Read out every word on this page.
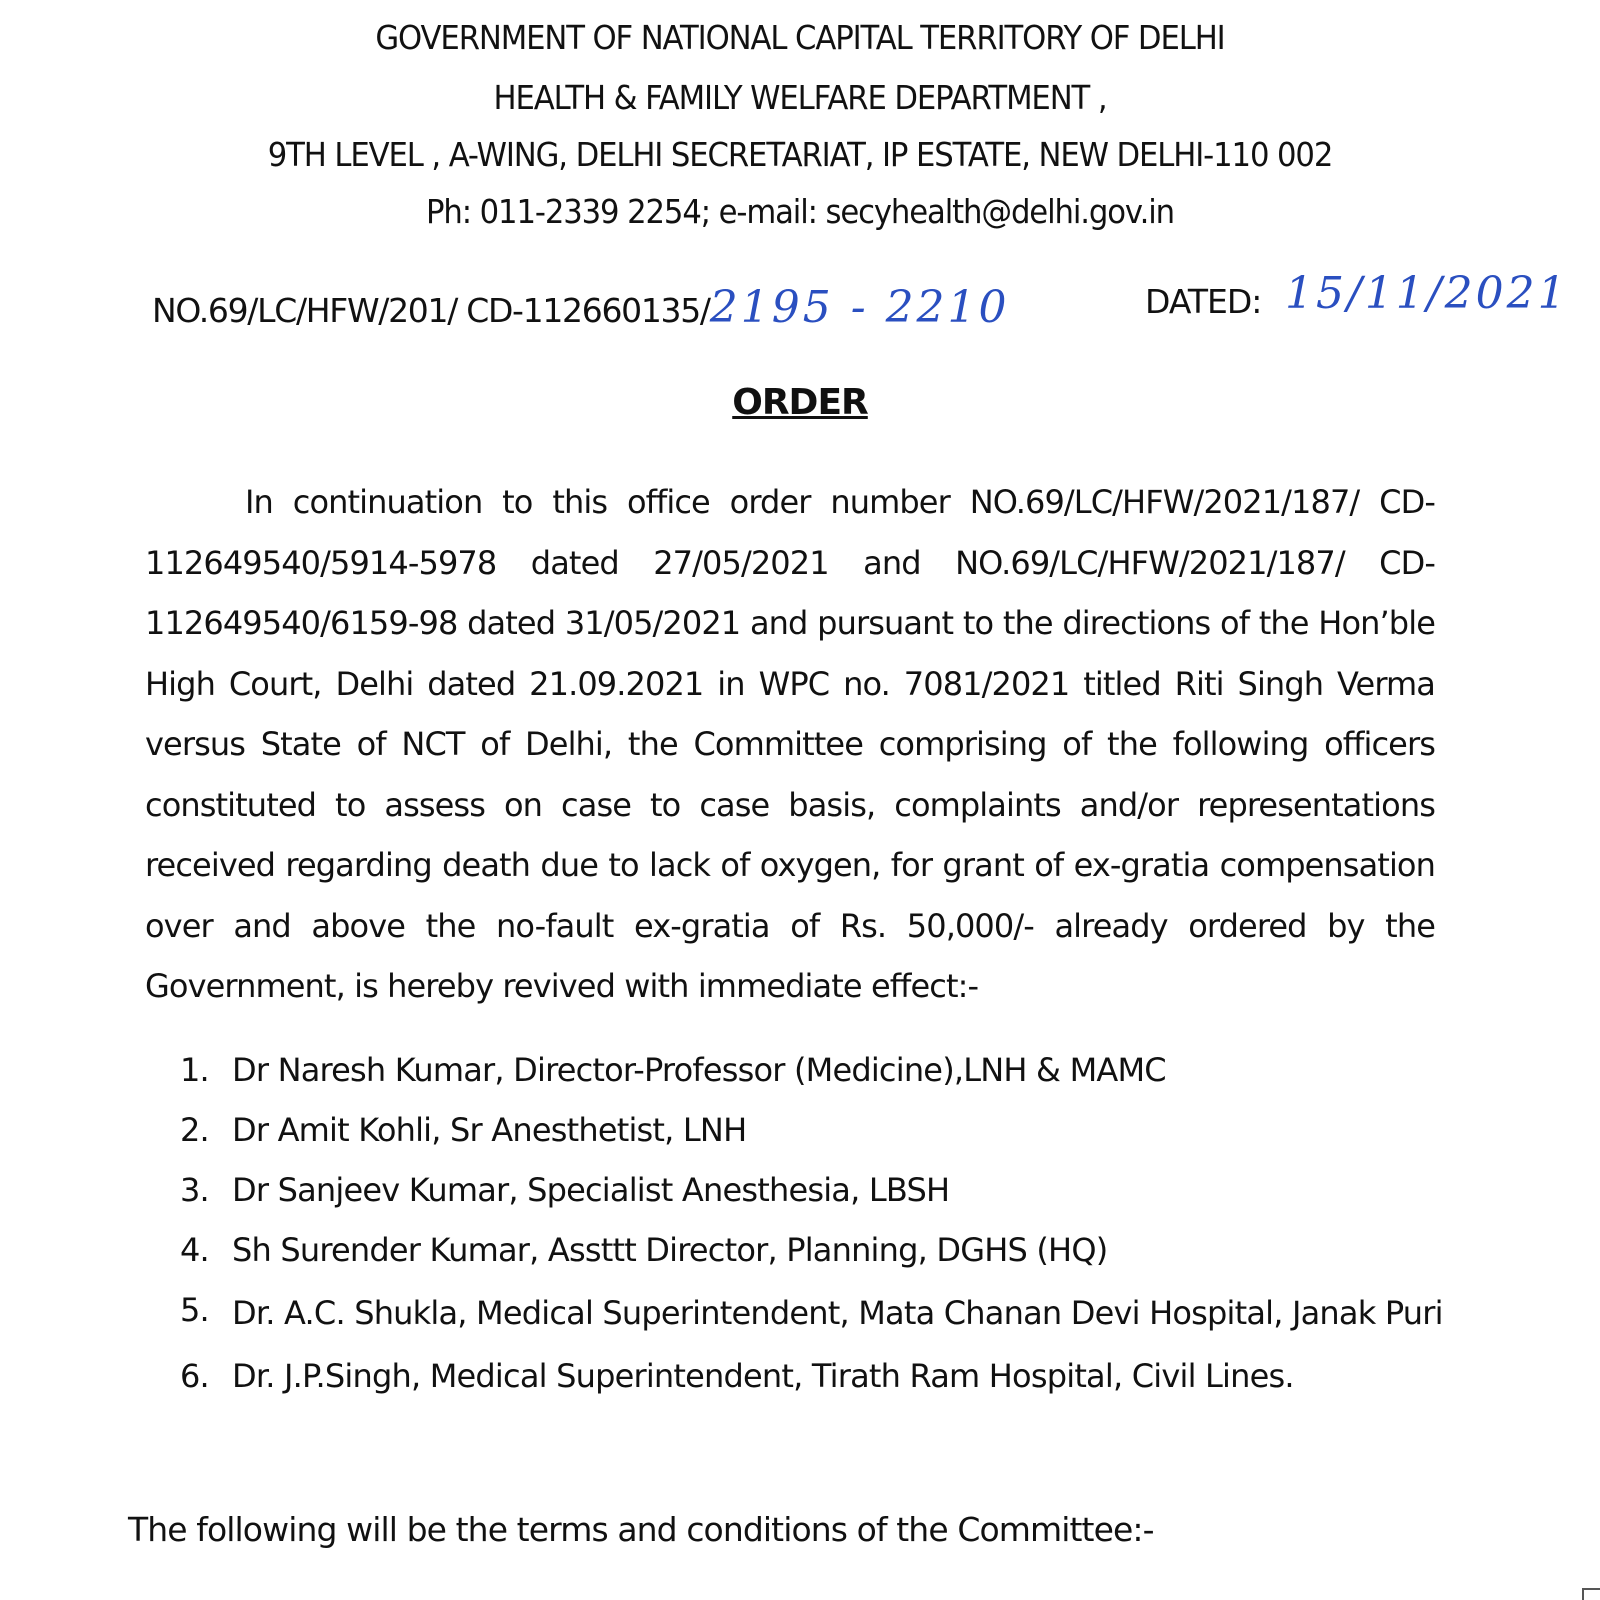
GOVERNMENT OF NATIONAL CAPITAL TERRITORY OF DELHI
HEALTH & FAMILY WELFARE DEPARTMENT ,
9TH LEVEL , A-WING, DELHI SECRETARIAT, IP ESTATE, NEW DELHI-110 002
Ph: 011-2339 2254; e-mail: secyhealth@delhi.gov.in
NO.69/LC/HFW/201/ CD-112660135/2195 - 2210	DATED: 15/11/2021
ORDER
In continuation to this office order number NO.69/LC/HFW/2021/187/ CD-112649540/5914-5978 dated 27/05/2021 and NO.69/LC/HFW/2021/187/ CD-112649540/6159-98 dated 31/05/2021 and pursuant to the directions of the Hon’ble High Court, Delhi dated 21.09.2021 in WPC no. 7081/2021 titled Riti Singh Verma versus State of NCT of Delhi, the Committee comprising of the following officers constituted to assess on case to case basis, complaints and/or representations received regarding death due to lack of oxygen, for grant of ex-gratia compensation over and above the no-fault ex-gratia of Rs. 50,000/- already ordered by the Government, is hereby revived with immediate effect:-
1. Dr Naresh Kumar, Director-Professor (Medicine),LNH & MAMC
2. Dr Amit Kohli, Sr Anesthetist, LNH
3. Dr Sanjeev Kumar, Specialist Anesthesia, LBSH
4. Sh Surender Kumar, Assttt Director, Planning, DGHS (HQ)
5. Dr. A.C. Shukla, Medical Superintendent, Mata Chanan Devi Hospital, Janak Puri
6. Dr. J.P.Singh, Medical Superintendent, Tirath Ram Hospital, Civil Lines.
The following will be the terms and conditions of the Committee:-
